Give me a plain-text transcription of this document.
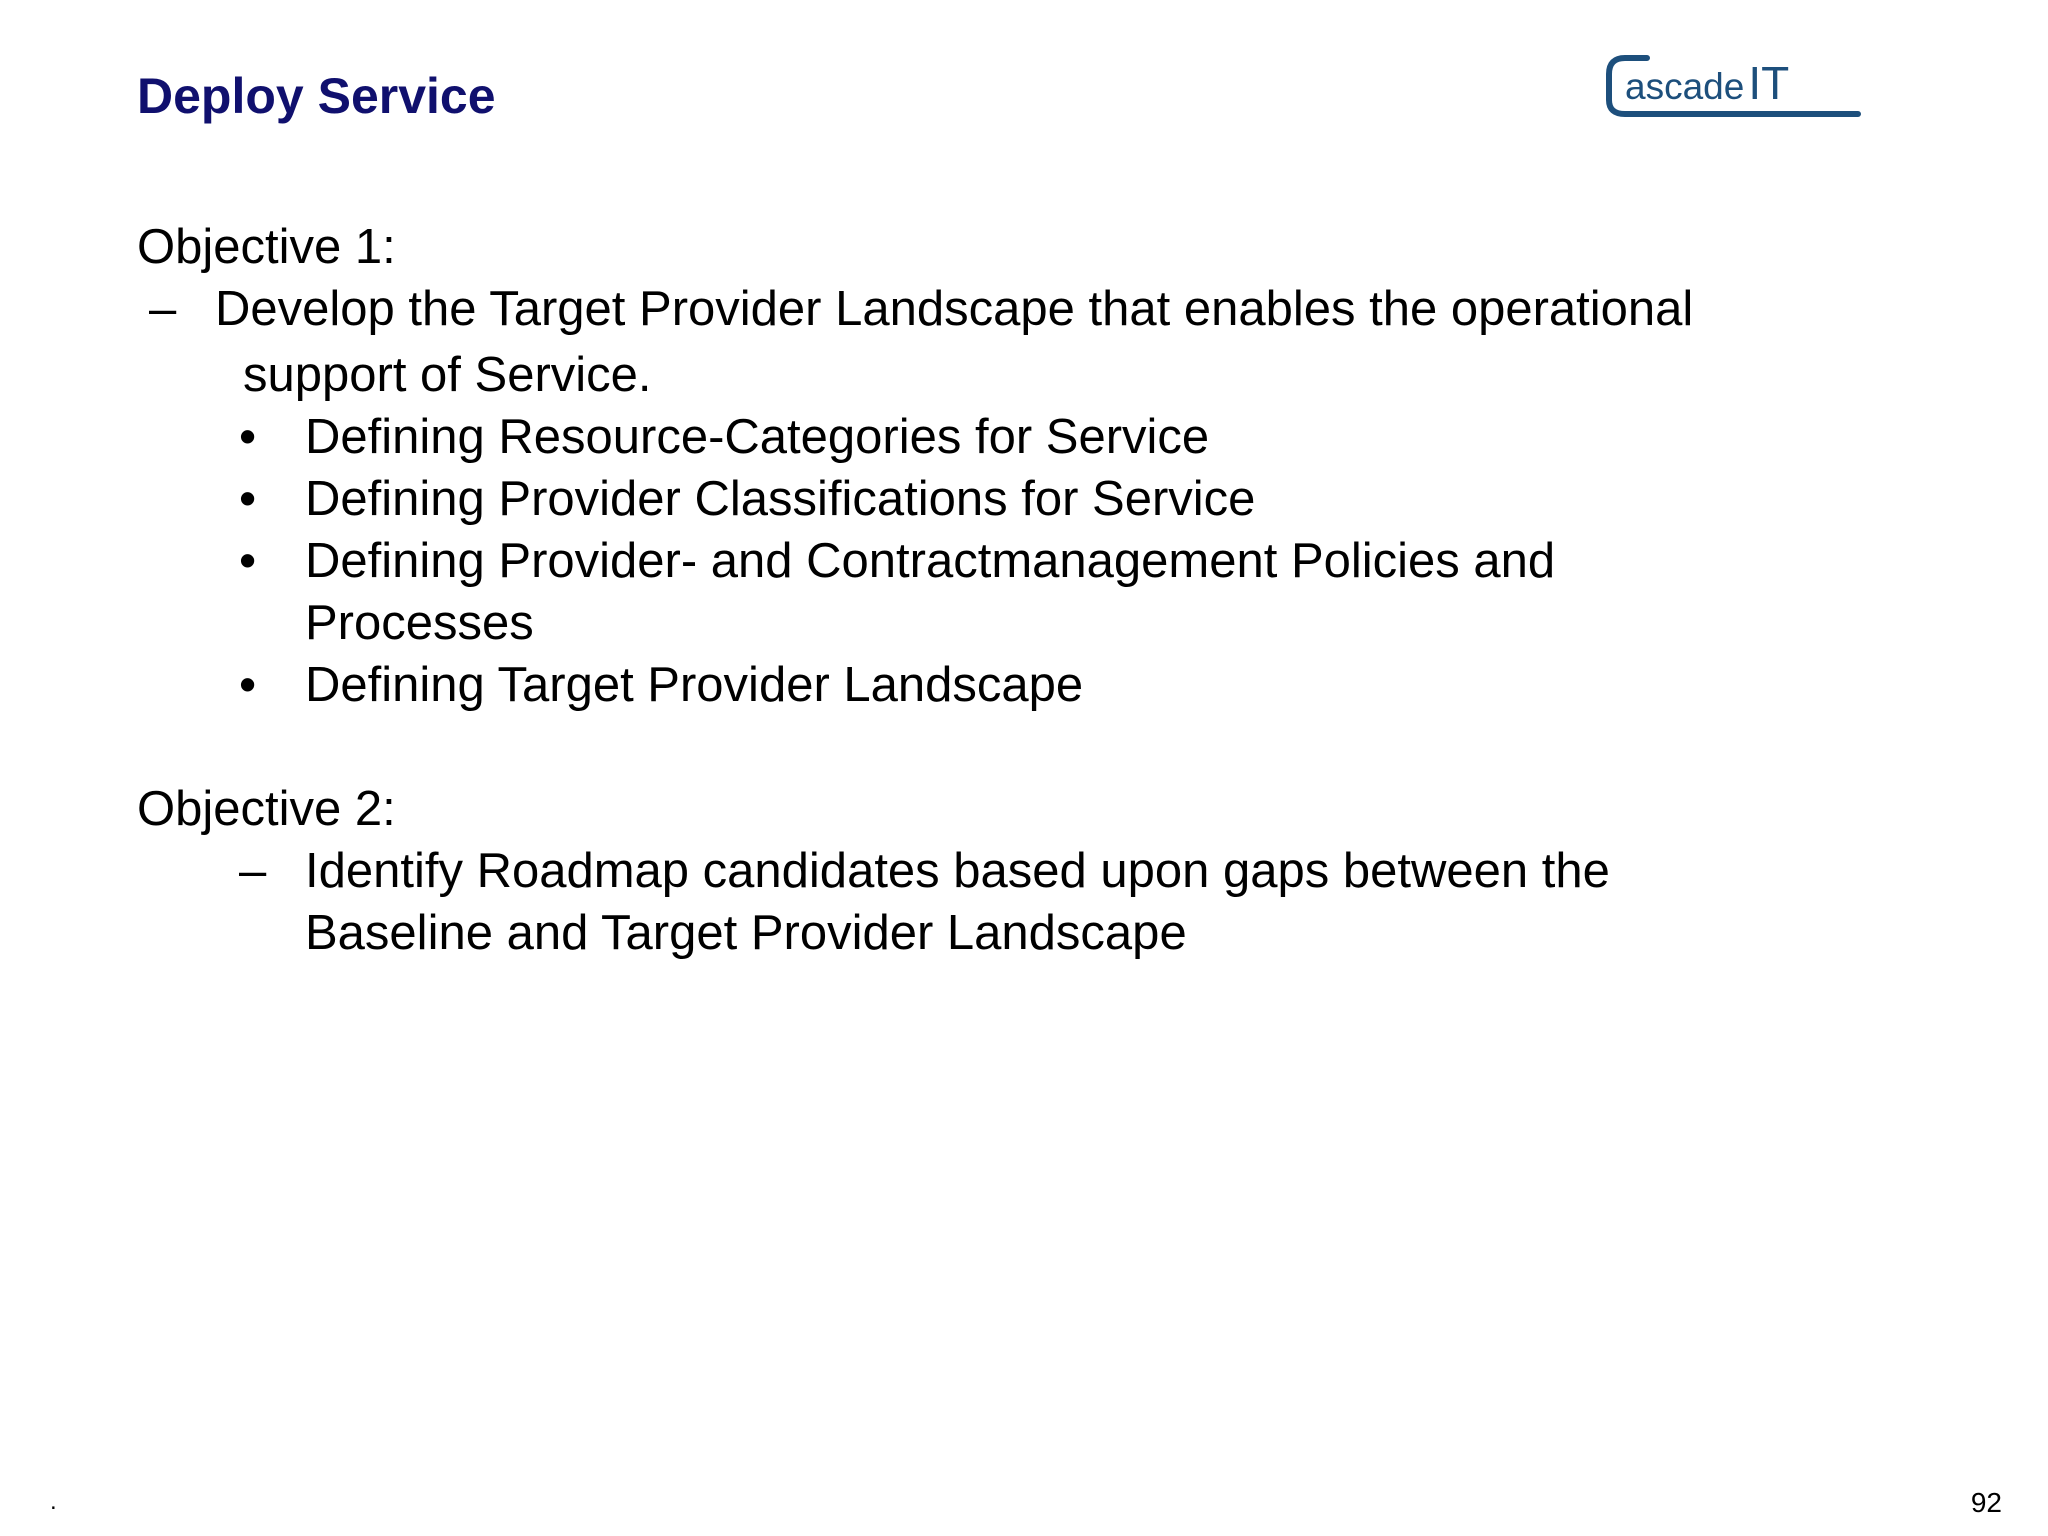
Deploy Service	ascadeIT
Objective 1:
– Develop the Target Provider Landscape that enables the operational
support of Service.
• Defining Resource-Categories for Service
• Defining Provider Classifications for Service
• Defining Provider- and Contractmanagement Policies and
Processes
• Defining Target Provider Landscape
Objective 2:
– Identify Roadmap candidates based upon gaps between the
Baseline and Target Provider Landscape
.	92
